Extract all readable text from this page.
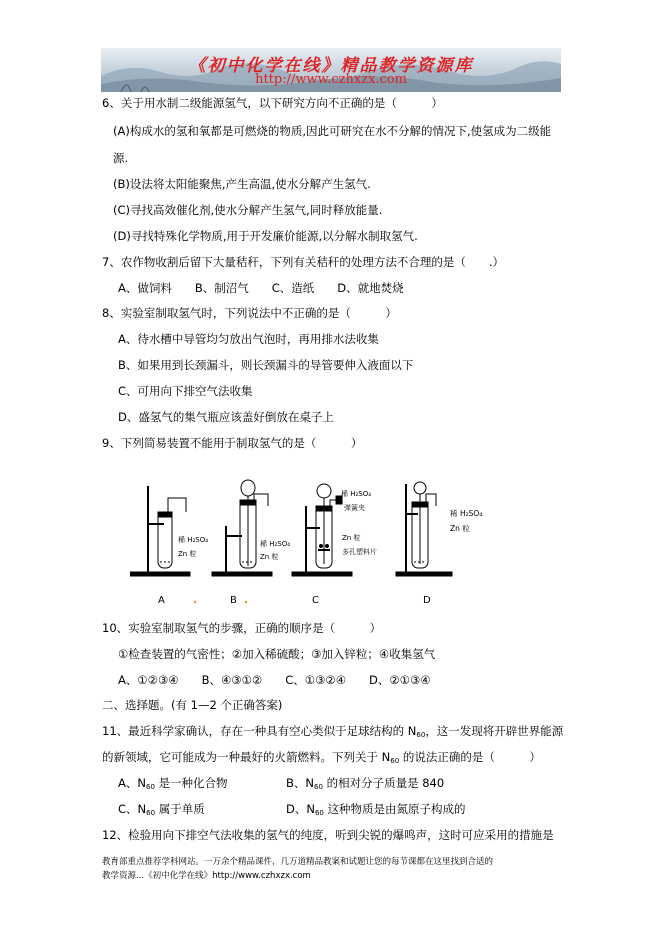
《初中化学在线》精品教学资源库
http://www.czhxzx.com
6、关于用水制二级能源氢气，以下研究方向不正确的是（　　　）
(A)构成水的氢和氧都是可燃烧的物质,因此可研究在水不分解的情况下,使氢成为二级能
源.
(B)设法将太阳能聚焦,产生高温,使水分解产生氢气.
(C)寻找高效催化剂,使水分解产生氢气,同时释放能量.
(D)寻找特殊化学物质,用于开发廉价能源,以分解水制取氢气.
7、农作物收割后留下大量秸秆，下列有关秸秆的处理方法不合理的是（　　.）
A、做饲料　　B、制沼气　　C、造纸　　D、就地焚烧
8、实验室制取氢气时，下列说法中不正确的是（　　　）
A、待水槽中导管均匀放出气泡时，再用排水法收集
B、如果用到长颈漏斗，则长颈漏斗的导管要伸入液面以下
C、可用向下排空气法收集
D、盛氢气的集气瓶应该盖好倒放在桌子上
9、下列简易装置不能用于制取氢气的是（　　　）
稀 H₂SO₄
Zn 粒
稀 H₂SO₄
Zn 粒
稀 H₂SO₄
弹簧夹
Zn 粒
多孔塑料片
稀 H₂SO₄
Zn 粒
A	B	C	D
10、实验室制取氢气的步骤，正确的顺序是（　　　）
①检查装置的气密性；②加入稀硫酸；③加入锌粒；④收集氢气
A、①②③④　　B、④③①②　　C、①③②④　　D、②①③④
二、选择题。(有 1—2 个正确答案)
11、最近科学家确认，存在一种具有空心类似于足球结构的 $N_{60}$，这一发现将开辟世界能源
的新领域，它可能成为一种最好的火箭燃料。下列关于 $N_{60}$ 的说法正确的是（　　　）
A、$N_{60}$ 是一种化合物	B、$N_{60}$ 的相对分子质量是 840
C、$N_{60}$ 属于单质	D、$N_{60}$ 这种物质是由氮原子构成的
12、检验用向下排空气法收集的氢气的纯度，听到尖锐的爆鸣声，这时可应采用的措施是
教育部重点推荐学科网站。一万余个精品课件，几万道精品教案和试题让您的每节课都在这里找到合适的
教学资源...《初中化学在线》http://www.czhxzx.com
